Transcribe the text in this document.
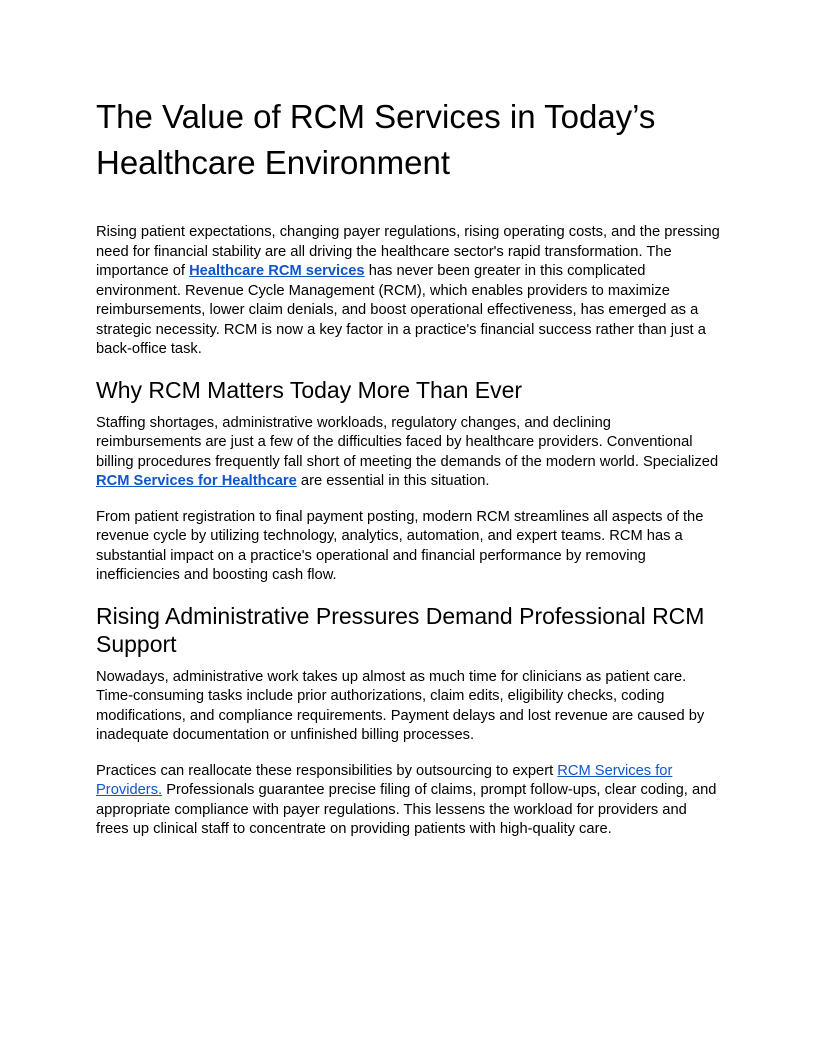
The Value of RCM Services in Today’s Healthcare Environment

Rising patient expectations, changing payer regulations, rising operating costs, and the pressing need for financial stability are all driving the healthcare sector's rapid transformation. The importance of Healthcare RCM services has never been greater in this complicated environment. Revenue Cycle Management (RCM), which enables providers to maximize reimbursements, lower claim denials, and boost operational effectiveness, has emerged as a strategic necessity. RCM is now a key factor in a practice's financial success rather than just a back-office task.

Why RCM Matters Today More Than Ever

Staffing shortages, administrative workloads, regulatory changes, and declining reimbursements are just a few of the difficulties faced by healthcare providers. Conventional billing procedures frequently fall short of meeting the demands of the modern world. Specialized RCM Services for Healthcare are essential in this situation.

From patient registration to final payment posting, modern RCM streamlines all aspects of the revenue cycle by utilizing technology, analytics, automation, and expert teams. RCM has a substantial impact on a practice's operational and financial performance by removing inefficiencies and boosting cash flow.

Rising Administrative Pressures Demand Professional RCM Support

Nowadays, administrative work takes up almost as much time for clinicians as patient care. Time-consuming tasks include prior authorizations, claim edits, eligibility checks, coding modifications, and compliance requirements. Payment delays and lost revenue are caused by inadequate documentation or unfinished billing processes.

Practices can reallocate these responsibilities by outsourcing to expert RCM Services for Providers. Professionals guarantee precise filing of claims, prompt follow-ups, clear coding, and appropriate compliance with payer regulations. This lessens the workload for providers and frees up clinical staff to concentrate on providing patients with high-quality care.
